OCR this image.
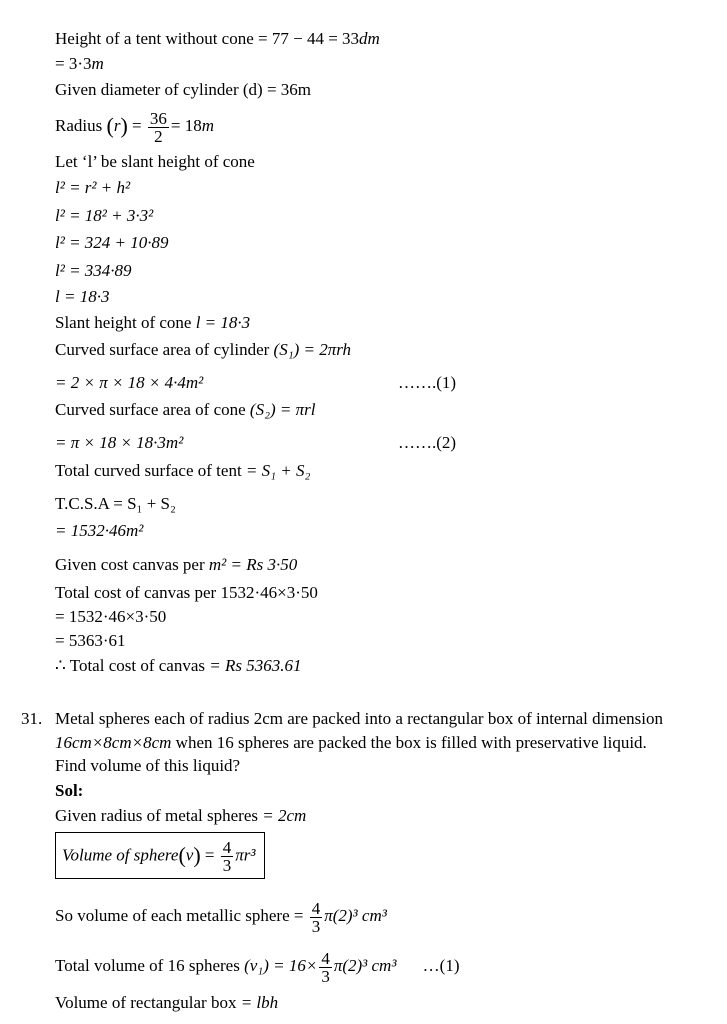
Height of a tent without cone = 77 − 44 = 33dm
= 3·3m
Given diameter of cylinder (d) = 36m
Radius $(r) = \frac{36}{2} = 18m$
Let ‘l’ be slant height of cone
l² = r² + h²
l² = 18² + 3·3²
l² = 324 + 10·89
l² = 334·89
l = 18·3
Slant height of cone l = 18·3
Curved surface area of cylinder (S₁) = 2πrh
= 2 × π × 18 × 4·4m²	…….(1)
Curved surface area of cone (S₂) = πrl
= π × 18 × 18·3m²	…….(2)
Total curved surface of tent = S₁ + S₂
T.C.S.A = S₁ + S₂
= 1532·46m²
Given cost canvas per m² = Rs 3·50
Total cost of canvas per 1532·46×3·50
= 1532·46×3·50
= 5363·61
∴ Total cost of canvas = Rs 5363.61
31. Metal spheres each of radius 2cm are packed into a rectangular box of internal dimension
16cm×8cm×8cm when 16 spheres are packed the box is filled with preservative liquid.
Find volume of this liquid?
Sol:
Given radius of metal spheres = 2cm
Volume of sphere(v) = $\frac{4}{3} \pi r^3$
So volume of each metallic sphere = $\frac{4}{3} \pi(2)^3$ cm³
Total volume of 16 spheres $(v_1) = 16\times \frac{4}{3} \pi(2)^3$ cm³ …(1)
Volume of rectangular box = lbh
